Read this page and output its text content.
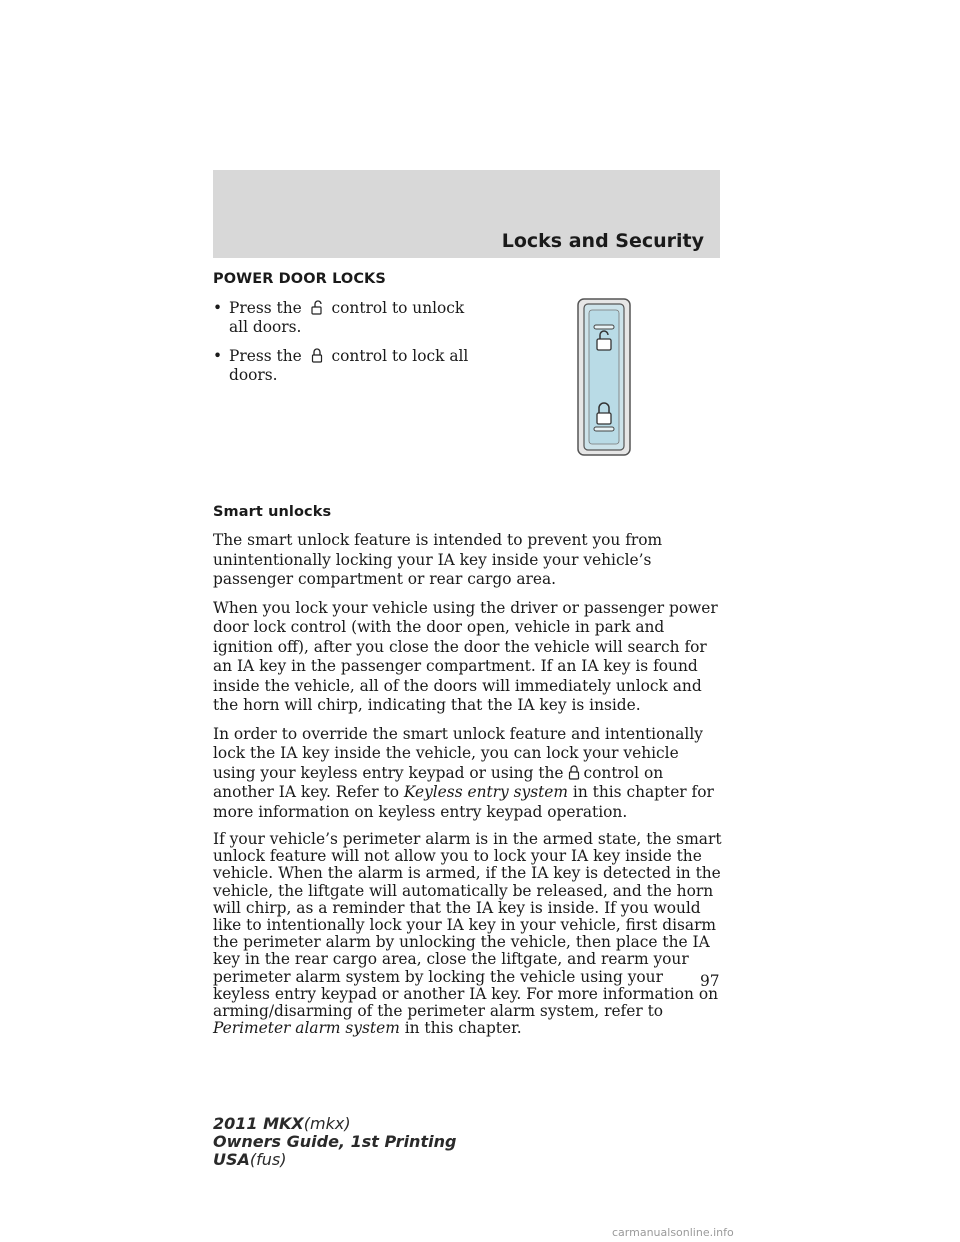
Locks and Security
POWER DOOR LOCKS
• Press the control to unlock all doors.
• Press the control to lock all doors.
Smart unlocks

The smart unlock feature is intended to prevent you from unintentionally locking your IA key inside your vehicle’s passenger compartment or rear cargo area.

When you lock your vehicle using the driver or passenger power door lock control (with the door open, vehicle in park and ignition off), after you close the door the vehicle will search for an IA key in the passenger compartment. If an IA key is found inside the vehicle, all of the doors will immediately unlock and the horn will chirp, indicating that the IA key is inside.

In order to override the smart unlock feature and intentionally lock the IA key inside the vehicle, you can lock your vehicle using your keyless entry keypad or using the control on another IA key. Refer to Keyless entry system in this chapter for more information on keyless entry keypad operation.

If your vehicle’s perimeter alarm is in the armed state, the smart unlock feature will not allow you to lock your IA key inside the vehicle. When the alarm is armed, if the IA key is detected in the vehicle, the liftgate will automatically be released, and the horn will chirp, as a reminder that the IA key is inside. If you would like to intentionally lock your IA key in your vehicle, first disarm the perimeter alarm by unlocking the vehicle, then place the IA key in the rear cargo area, close the liftgate, and rearm your perimeter alarm system by locking the vehicle using your keyless entry keypad or another IA key. For more information on arming/disarming of the perimeter alarm system, refer to Perimeter alarm system in this chapter.

97
2011 MKX(mkx)
Owners Guide, 1st Printing
USA(fus)
carmanualsonline.info
